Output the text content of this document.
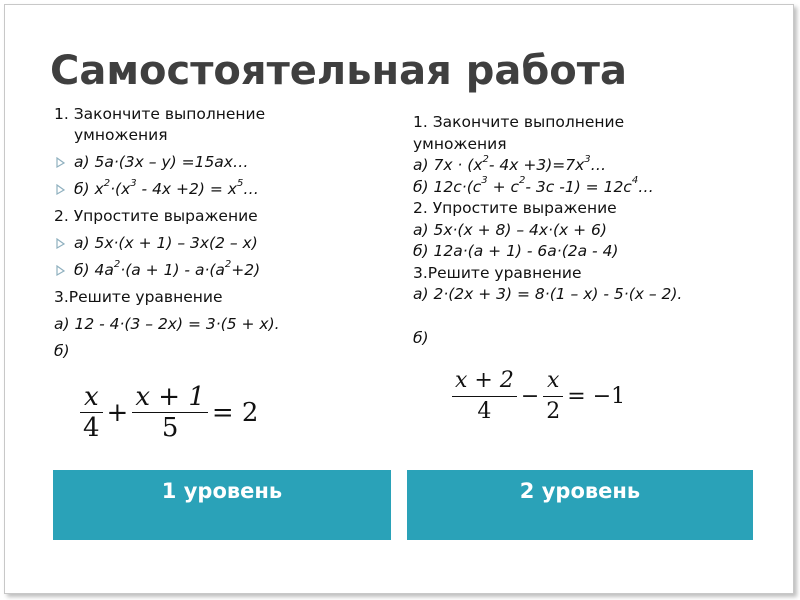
Самостоятельная работа
1. Закончите выполнение
умножения
а) 5а·(3х – у) =15ах…
б) $х^2\cdot(х^3 - 4х +2)$ = $х^5\dots$
2. Упростите выражение
а) 5х·(х + 1) – 3х(2 – х)
б) $4а^2\cdot(а + 1) - а\cdot(а^2+2)$
3.Решите уравнение
а) 12 - 4·(3 – 2х) = 3·(5 + х).
б)
$\frac{x}{4} + \frac{x + 1}{5} = 2$
1. Закончите выполнение
умножения
а) $7х \cdot (х^2-$ $4х +3)=7х^3\dots$
б) $12с\cdot(с^3 + с^2-$ 3с $-1) = 12с^4\dots$
2. Упростите выражение
а) 5х·(х + 8) – 4х·(х + 6)
б) 12а·(а + 1) - 6а·(2а - 4)
3.Решите уравнение
а) 2·(2х + 3) = 8·(1 – х) - 5·(х – 2).
б)
$\frac{x + 2}{4} - \frac{x}{2} = -1$
1 уровень	2 уровень
